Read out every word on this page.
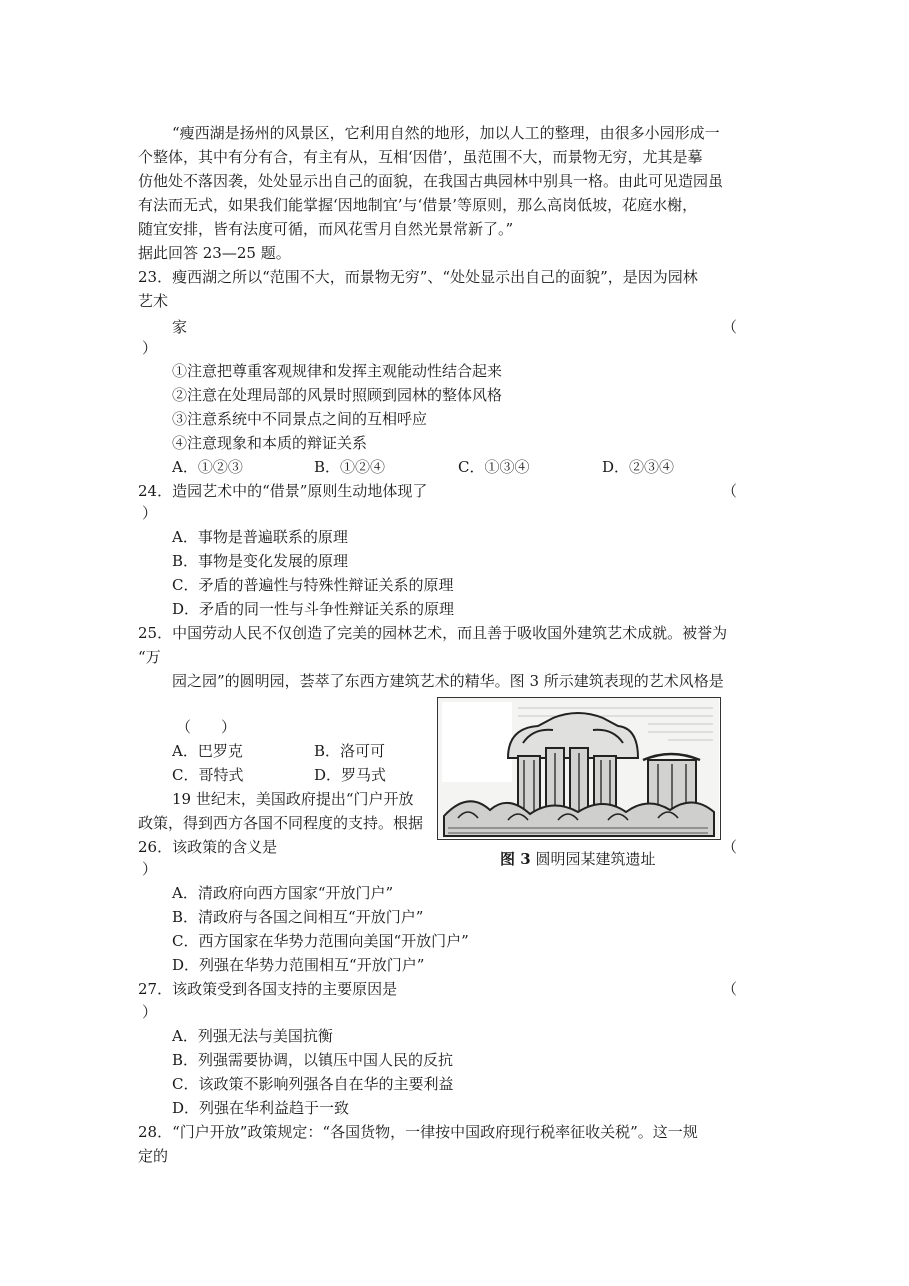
“瘦西湖是扬州的风景区，它利用自然的地形，加以人工的整理，由很多小园形成一
个整体，其中有分有合，有主有从，互相‘因借’，虽范围不大，而景物无穷，尤其是摹
仿他处不落因袭，处处显示出自己的面貌，在我国古典园林中别具一格。由此可见造园虽
有法而无式，如果我们能掌握‘因地制宜’与‘借景’等原则，那么高岗低坡，花庭水榭，
随宜安排，皆有法度可循，而风花雪月自然光景常新了。”
据此回答 23—25 题。
23．瘦西湖之所以“范围不大，而景物无穷”、“处处显示出自己的面貌”，是因为园林
艺术
家	（
）
①注意把尊重客观规律和发挥主观能动性结合起来
②注意在处理局部的风景时照顾到园林的整体风格
③注意系统中不同景点之间的互相呼应
④注意现象和本质的辩证关系
A．①②③	B．①②④	C．①③④	D．②③④
24．造园艺术中的“借景”原则生动地体现了	（
）
A．事物是普遍联系的原理
B．事物是变化发展的原理
C．矛盾的普遍性与特殊性辩证关系的原理
D．矛盾的同一性与斗争性辩证关系的原理
25．中国劳动人民不仅创造了完美的园林艺术，而且善于吸收国外建筑艺术成就。被誉为
“万
园之园”的圆明园，荟萃了东西方建筑艺术的精华。图 3 所示建筑表现的艺术风格是
（　　）
A．巴罗克	B．洛可可
C．哥特式	D．罗马式
19 世纪末，美国政府提出“门户开放
政策，得到西方各国不同程度的支持。根据
图 3 圆明园某建筑遗址
26．该政策的含义是	（
）
A．清政府向西方国家“开放门户”
B．清政府与各国之间相互“开放门户”
C．西方国家在华势力范围向美国“开放门户”
D．列强在华势力范围相互“开放门户”
27．该政策受到各国支持的主要原因是	（
）
A．列强无法与美国抗衡
B．列强需要协调，以镇压中国人民的反抗
C．该政策不影响列强各自在华的主要利益
D．列强在华利益趋于一致
28．“门户开放”政策规定：“各国货物，一律按中国政府现行税率征收关税”。这一规
定的
